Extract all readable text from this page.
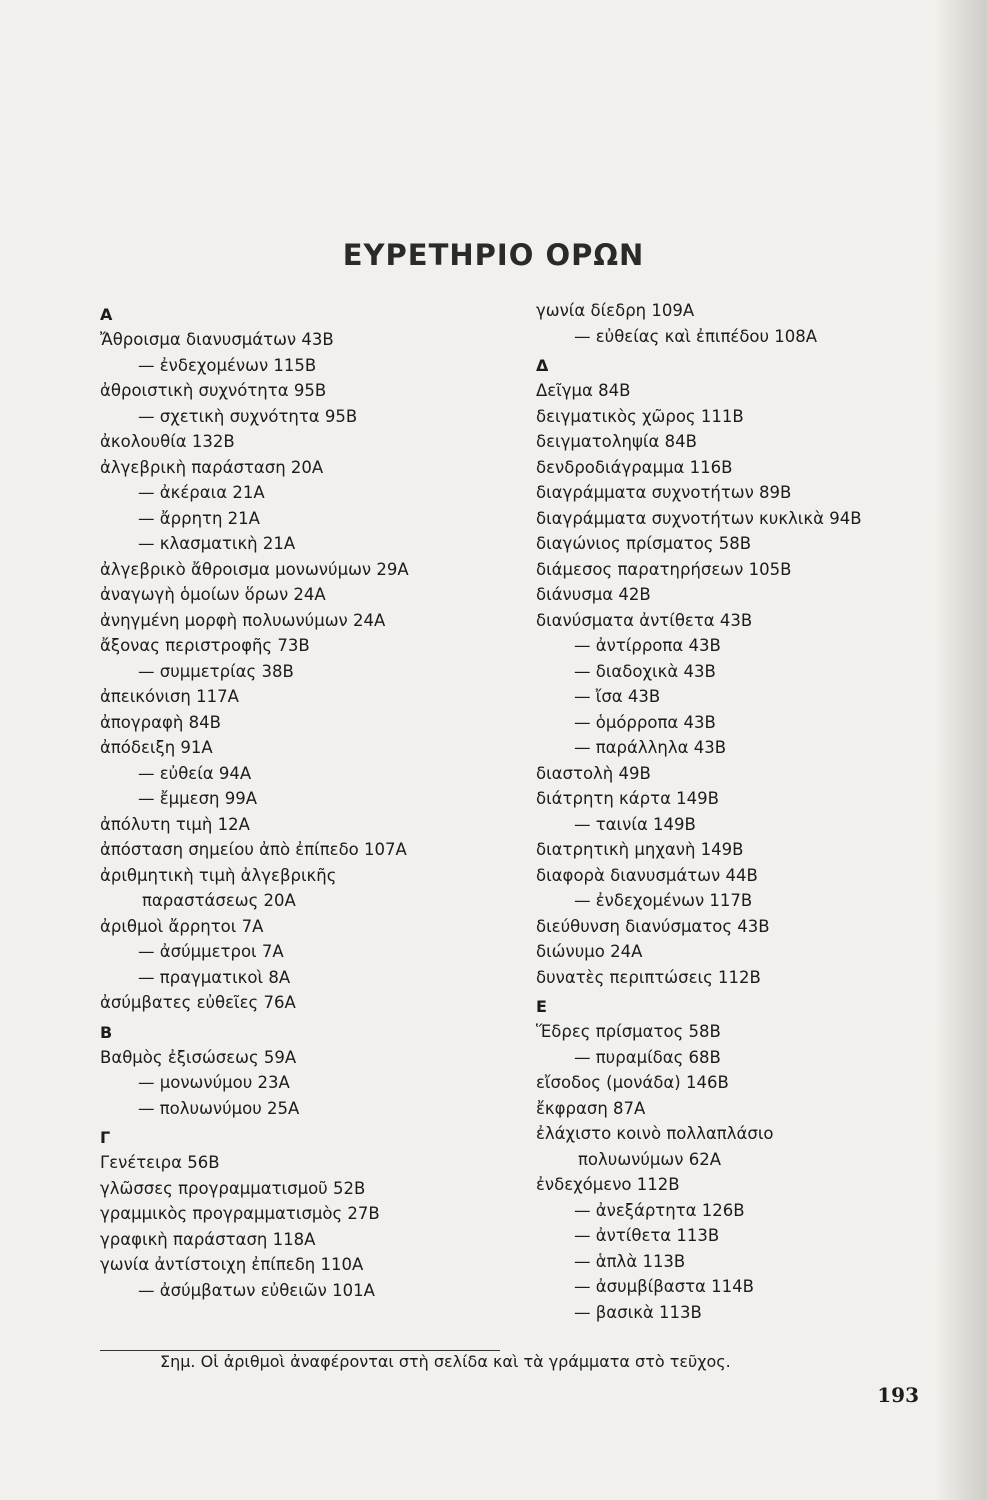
ΕΥΡΕΤΗΡΙΟ ΟΡΩΝ
Α
Ἄθροισμα διανυσμάτων 43Β
— ἐνδεχομένων 115Β
ἀθροιστικὴ συχνότητα 95Β
— σχετικὴ συχνότητα 95Β
ἀκολουθία 132Β
ἀλγεβρικὴ παράσταση 20Α
— ἀκέραια 21Α
— ἄρρητη 21Α
— κλασματικὴ 21Α
ἀλγεβρικὸ ἄθροισμα μονωνύμων 29Α
ἀναγωγὴ ὁμοίων ὅρων 24Α
ἀνηγμένη μορφὴ πολυωνύμων 24Α
ἄξονας περιστροφῆς 73Β
— συμμετρίας 38Β
ἀπεικόνιση 117Α
ἀπογραφὴ 84Β
ἀπόδειξη 91Α
— εὐθεία 94Α
— ἔμμεση 99Α
ἀπόλυτη τιμὴ 12Α
ἀπόσταση σημείου ἀπὸ ἐπίπεδο 107Α
ἀριθμητικὴ τιμὴ ἀλγεβρικῆς
παραστάσεως 20Α
ἀριθμοὶ ἄρρητοι 7Α
— ἀσύμμετροι 7Α
— πραγματικοὶ 8Α
ἀσύμβατες εὐθεῖες 76Α
Β
Βαθμὸς ἐξισώσεως 59Α
— μονωνύμου 23Α
— πολυωνύμου 25Α
Γ
Γενέτειρα 56Β
γλῶσσες προγραμματισμοῦ 52Β
γραμμικὸς προγραμματισμὸς 27Β
γραφικὴ παράσταση 118Α
γωνία ἀντίστοιχη ἐπίπεδη 110Α
— ἀσύμβατων εὐθειῶν 101Α
γωνία δίεδρη 109Α
— εὐθείας καὶ ἐπιπέδου 108Α
Δ
Δεῖγμα 84Β
δειγματικὸς χῶρος 111Β
δειγματοληψία 84Β
δενδροδιάγραμμα 116Β
διαγράμματα συχνοτήτων 89Β
διαγράμματα συχνοτήτων κυκλικὰ 94Β
διαγώνιος πρίσματος 58Β
διάμεσος παρατηρήσεων 105Β
διάνυσμα 42Β
διανύσματα ἀντίθετα 43Β
— ἀντίρροπα 43Β
— διαδοχικὰ 43Β
— ἴσα 43Β
— ὁμόρροπα 43Β
— παράλληλα 43Β
διαστολὴ 49Β
διάτρητη κάρτα 149Β
— ταινία 149Β
διατρητικὴ μηχανὴ 149Β
διαφορὰ διανυσμάτων 44Β
— ἐνδεχομένων 117Β
διεύθυνση διανύσματος 43Β
διώνυμο 24Α
δυνατὲς περιπτώσεις 112Β
Ε
Ἕδρες πρίσματος 58Β
— πυραμίδας 68Β
εἴσοδος (μονάδα) 146Β
ἔκφραση 87Α
ἐλάχιστο κοινὸ πολλαπλάσιο
πολυωνύμων 62Α
ἐνδεχόμενο 112Β
— ἀνεξάρτητα 126Β
— ἀντίθετα 113Β
— ἁπλὰ 113Β
— ἀσυμβίβαστα 114Β
— βασικὰ 113Β
Σημ. Οἱ ἀριθμοὶ ἀναφέρονται στὴ σελίδα καὶ τὰ γράμματα στὸ τεῦχος.
193
